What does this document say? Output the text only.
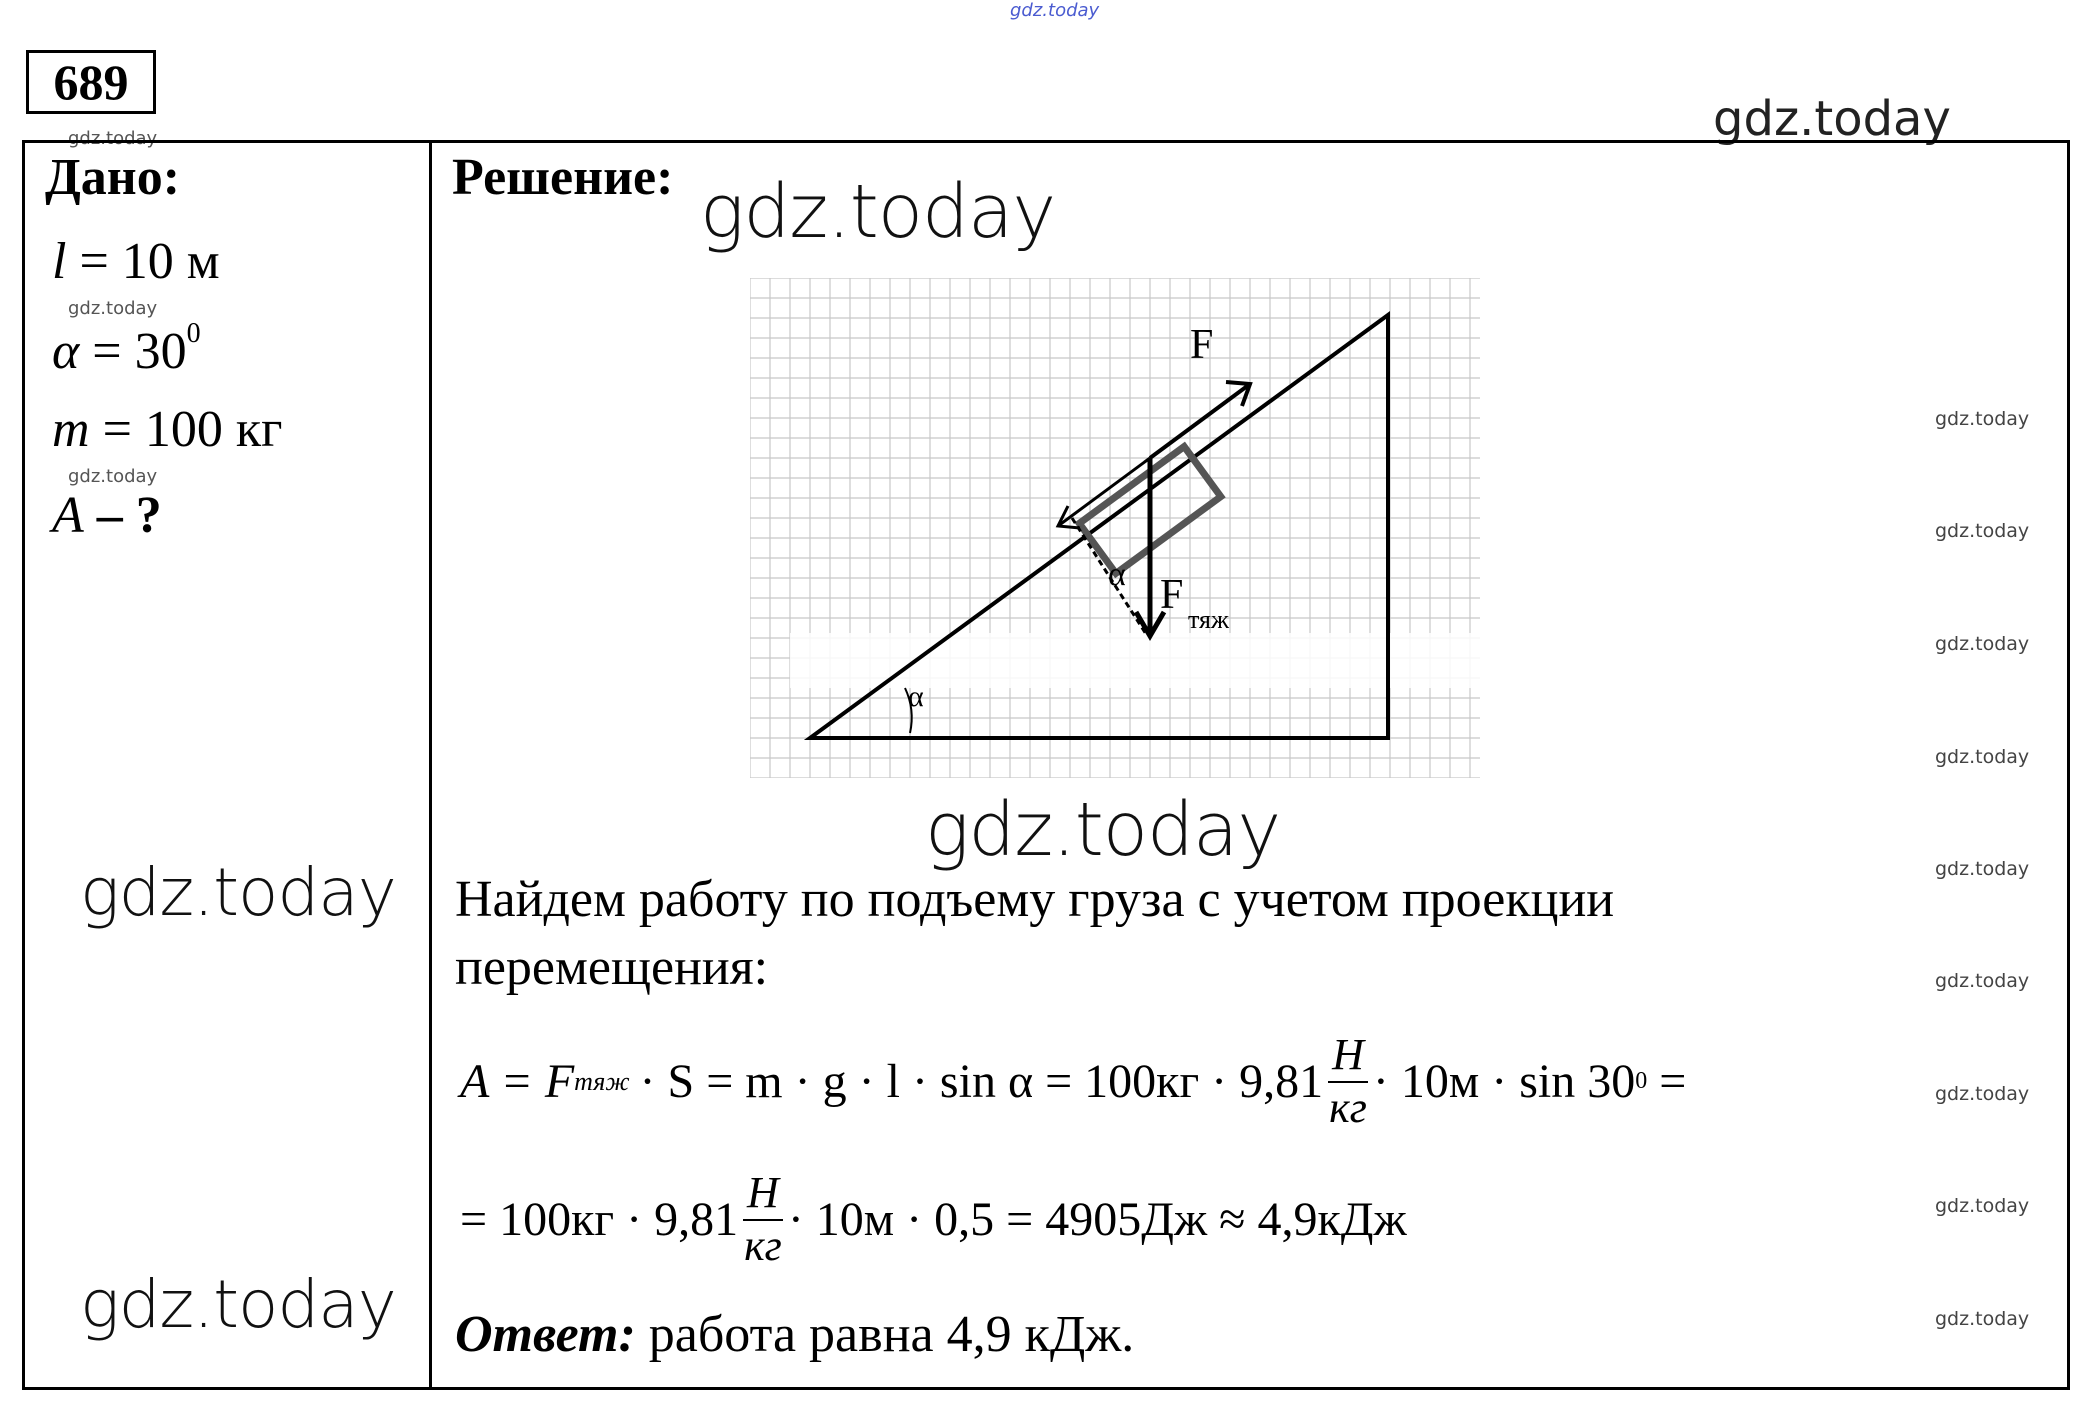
gdz.today
gdz.today
gdz.today
gdz.today
gdz.today
gdz.today
gdz.today
gdz.today
gdz.today
gdz.today
gdz.today
gdz.today
gdz.today
gdz.today
gdz.today
gdz.today
gdz.today
gdz.today
689
Дано:
l = 10 м
$\alpha = 30^0$
m = 100 кг
A – ?
Решение:
α
F
α F
тяж
Найдем работу по подъему груза с учетом проекции
перемещения:
A = F тяж · $S = m \cdot g \cdot l \cdot \sin \alpha = 100кг \cdot 9,81 \frac{Н}{кг} \cdot 10м \cdot \sin 30$ 0 =
= $100кг \cdot 9,81 \frac{Н}{кг} \cdot 10м \cdot 0,5 = 4905Дж \approx 4,9кДж$
Ответ: работа равна 4,9 кДж.
